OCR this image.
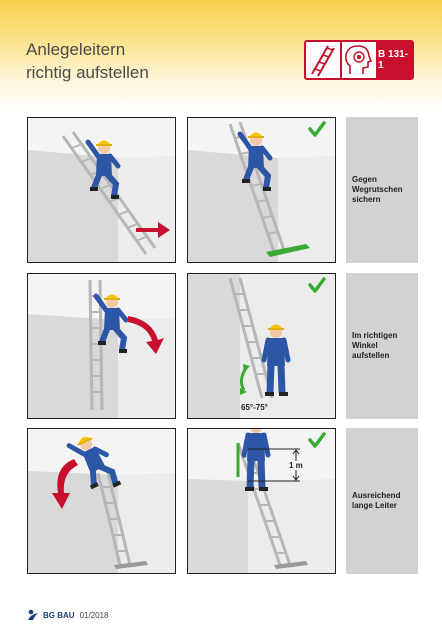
Anlegeleitern
richtig aufstellen
B 131-1
Gegen
Wegrutschen
sichern
65°-75°
Im richtigen
Winkel
aufstellen
1 m
Ausreichend
lange Leiter
BG BAU 01/2018
